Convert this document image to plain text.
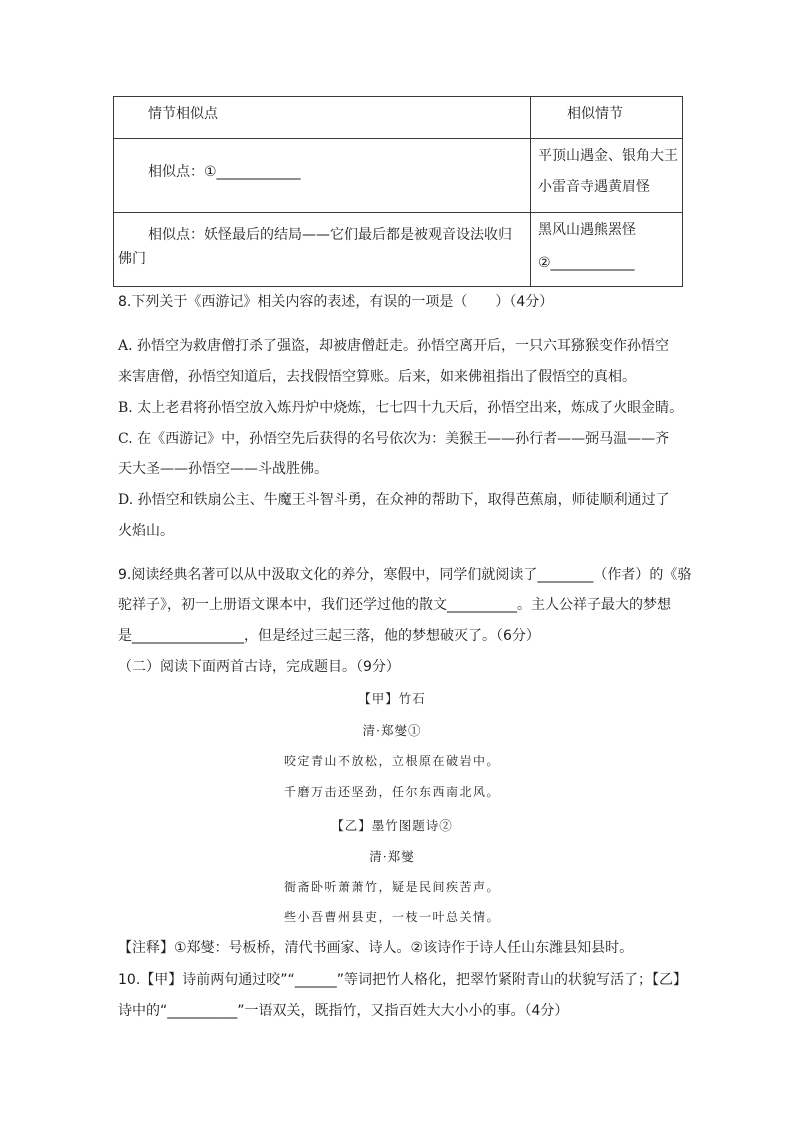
情节相似点	相似情节

相似点：①____________	平顶山遇金、银角大王
小雷音寺遇黄眉怪

相似点：妖怪最后的结局——它们最后都是被观音设法收归
佛门	黑风山遇熊罴怪
②____________
8.下列关于《西游记》相关内容的表述，有误的一项是（　　）（4分）
A. 孙悟空为救唐僧打杀了强盗，却被唐僧赶走。孙悟空离开后，一只六耳猕猴变作孙悟空
来害唐僧，孙悟空知道后，去找假悟空算账。后来，如来佛祖指出了假悟空的真相。
B. 太上老君将孙悟空放入炼丹炉中烧炼，七七四十九天后，孙悟空出来，炼成了火眼金睛。
C. 在《西游记》中，孙悟空先后获得的名号依次为：美猴王——孙行者——弼马温——齐
天大圣——孙悟空——斗战胜佛。
D. 孙悟空和铁扇公主、牛魔王斗智斗勇，在众神的帮助下，取得芭蕉扇，师徒顺利通过了
火焰山。
9.阅读经典名著可以从中汲取文化的养分，寒假中，同学们就阅读了________（作者）的《骆
驼祥子》，初一上册语文课本中，我们还学过他的散文__________。主人公祥子最大的梦想
是________________，但是经过三起三落，他的梦想破灭了。（6分）
（二）阅读下面两首古诗，完成题目。（9分）
【甲】竹石
清·郑燮①
咬定青山不放松，立根原在破岩中。
千磨万击还坚劲，任尔东西南北风。
【乙】墨竹图题诗②
清·郑燮
衙斋卧听萧萧竹，疑是民间疾苦声。
些小吾曹州县吏，一枝一叶总关情。
【注释】①郑燮：号板桥，清代书画家、诗人。②该诗作于诗人任山东潍县知县时。
10.【甲】诗前两句通过咬”“______”等词把竹人格化，把翠竹紧附青山的状貌写活了；【乙】
诗中的“__________”一语双关，既指竹，又指百姓大大小小的事。（4分）
